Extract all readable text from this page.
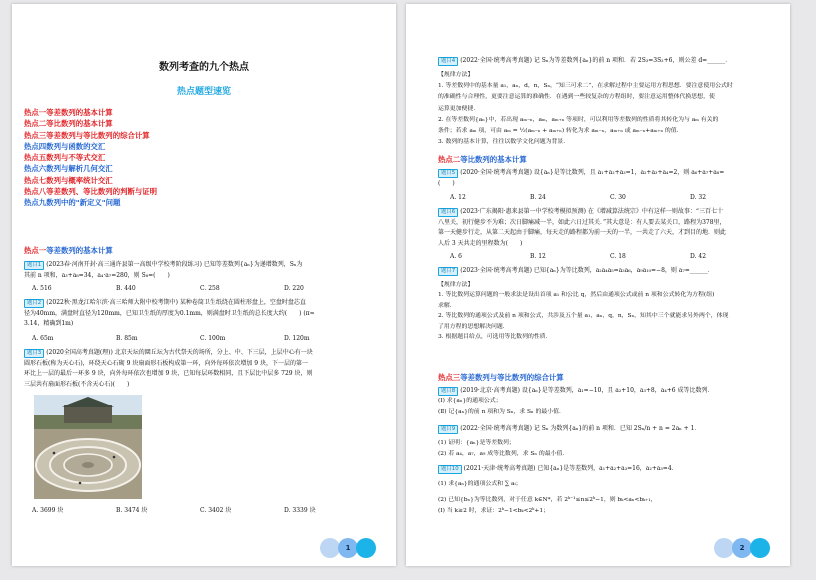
数列考查的九个热点
热点题型速览
热点一等差数列的基本计算
热点二等比数列的基本计算
热点三等差数列与等比数列的综合计算
热点四数列与函数的交汇
热点五数列与不等式交汇
热点六数列与解析几何交汇
热点七数列与概率统计交汇
热点八等差数列、等比数列的判断与证明
热点九数列中的"新定义"问题
热点一等差数列的基本计算
题目1 (2023春·河南开封·高三通许县第一高级中学校考阶段练习) 已知等差数列{aₙ}为递增数列，Sₙ为
其前 n 项和，a₃+a₈=34，a₄·a₇=280，则 S₈=(　　)
A. 516	B. 440	C. 258	D. 220
题目2 (2022秋·黑龙江哈尔滨·高三哈师大附中校考期中) 某种卷筒卫生纸绕在圆柱形盘上，空盘时盘芯直
径为40mm，满盘时直径为120mm，已知卫生纸的厚度为0.1mm，则满盘时卫生纸的总长度大约(　　) (π≈
3.14，精确到1m)
A. 65m	B. 85m	C. 100m	D. 120m
题目3 (2020全国高考真题(理)) 北京天坛的圜丘坛为古代祭天的场所，分上、中、下三层，上层中心有一块
圆形石板(称为天心石)，环绕天心石砌 9 块扇面形石板构成第一环，向外每环依次增加 9 块，下一层的第一
环比上一层的最后一环多 9 块，向外每环依次也增加 9 块，已知每层环数相同，且下层比中层多 729 块，则
三层共有扇面形石板(不含天心石)(　　)
A. 3699 块	B. 3474 块	C. 3402 块	D. 3339 块
1
题目4 (2022·全国·统考高考真题) 记 Sₙ为等差数列{aₙ}的前 n 项和．若 2S₃=3S₂+6，则公差 d=______．

【规律方法】

1. 等差数列中的基本量 a₁，aₙ，d，n，Sₙ，“知三可求二”，在求解过程中主要运用方程思想．要注意使用公式时

的准确性与合理性，更要注意运算的准确性．在遇到一些较复杂的方程组时，要注意运用整体代换思想，使

运算更加便捷．

2. 在等差数列{aₙ}中，若出现 aₘ₋ₙ，aₘ，aₘ₊ₙ 等项时，可以利用等差数列的性质将其转化为与 aₘ 有关的

条件；若求 aₘ 项，可由 aₘ = ½(aₘ₋ₙ + aₘ₊ₙ) 转化为求 aₘ₋ₙ，aₘ₊ₙ 或 aₘ₋ₙ+aₘ₊ₙ 的值．

3. 数列的基本计算，往往以数学文化问题为背景．

热点二等比数列的基本计算
题目5 (2020·全国·统考高考真题) 设{aₙ}是等比数列，且 a₁+a₂+a₃=1，a₂+a₃+a₄=2，则 a₆+a₇+a₈=
(　　)
A. 12	B. 24	C. 30	D. 32
题目6 (2023·广东揭阳·惠来县第一中学校考模拟预测) 在《增减算法统宗》中有这样一则故事：“三百七十
八里关，初行健步不为难；次日脚痛减一半，如此六日过其关．”其大意是：有人要去某关口，路程为378里，
第一天健步行走，从第二天起由于脚痛，每天走的路程都为前一天的一半，一共走了六天，才到目的地．则此
人后 3 天共走的里程数为(　　)
A. 6	B. 12	C. 18	D. 42
题目7 (2023·全国·统考高考真题) 已知{aₙ}为等比数列，a₂a₄a₅=a₃a₆，a₉a₁₀=−8，则 a₇=______．

【规律方法】

1. 等比数列运算问题的一般求法是设出首项 a₁ 和公比 q，然后由通项公式或前 n 项和公式转化为方程(组)

求解．

2. 等比数列的通项公式及前 n 项和公式，共涉及五个量 a₁，aₙ，q，n，Sₙ，知其中三个就能求另外两个，体现

了用方程的思想解决问题．

3. 根据题目给点，可选用等比数列的性质．

热点三等差数列与等比数列的综合计算
题目8 (2019·北京·高考真题) 设{aₙ}是等差数列，a₁=−10，且 a₂+10，a₃+8，a₄+6 成等比数列．
(Ⅰ) 求{aₙ}的通项公式；
(Ⅱ) 记{aₙ}的前 n 项和为 Sₙ，求 Sₙ 的最小值．
题目9 (2022·全国·统考高考真题) 记 Sₙ 为数列{aₙ}的前 n 项和．已知 2Sₙ/n + n = 2aₙ + 1．
(1) 证明：{aₙ}是等差数列；
(2) 若 a₄，a₇，a₉ 成等比数列，求 Sₙ 的最小值．
题目10 (2021·天津·统考高考真题) 已知{aₙ}是等差数列，a₁+a₂+a₃=16，a₂+a₃=4．
(1) 求{aₙ}的通项公式和 ∑ aᵢ；
(2) 已知{bₙ}为等比数列，对于任意 k∈N*，若 2ᵏ⁻¹≤n≤2ᵏ−1，则 bₖ<aₙ<bₖ₊₁，
(Ⅰ) 当 k≥2 时，求证：2ᵏ−1<bₖ<2ᵏ+1；
2
